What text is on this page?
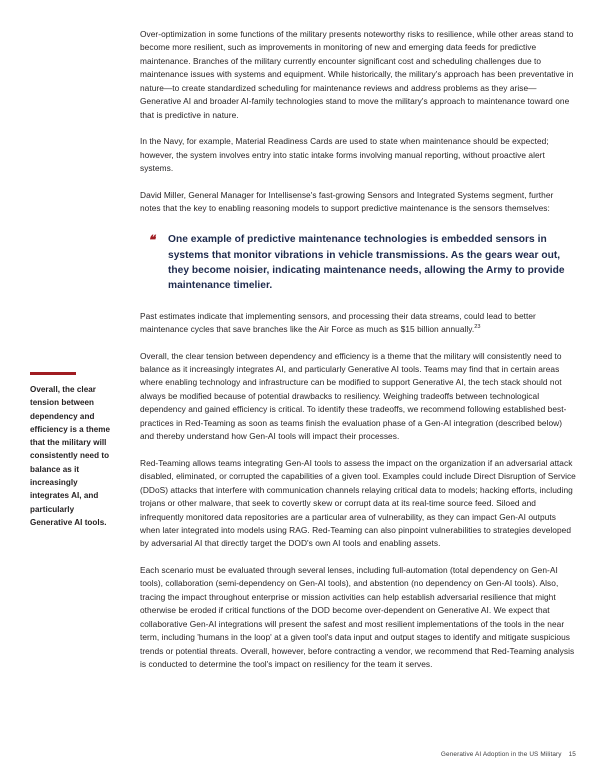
Over-optimization in some functions of the military presents noteworthy risks to resilience, while other areas stand to become more resilient, such as improvements in monitoring of new and emerging data feeds for predictive maintenance. Branches of the military currently encounter significant cost and scheduling challenges due to maintenance issues with systems and equipment. While historically, the military's approach has been preventative in nature—to create standardized scheduling for maintenance reviews and address problems as they arise—Generative AI and broader AI-family technologies stand to move the military's approach to maintenance toward one that is predictive in nature.

In the Navy, for example, Material Readiness Cards are used to state when maintenance should be expected; however, the system involves entry into static intake forms involving manual reporting, without proactive alert systems.

David Miller, General Manager for Intellisense's fast-growing Sensors and Integrated Systems segment, further notes that the key to enabling reasoning models to support predictive maintenance is the sensors themselves:

❝	One example of predictive maintenance technologies is embedded sensors in systems that monitor vibrations in vehicle transmissions. As the gears wear out, they become noisier, indicating maintenance needs, allowing the Army to provide maintenance timelier.

Past estimates indicate that implementing sensors, and processing their data streams, could lead to better maintenance cycles that save branches like the Air Force as much as $15 billion annually.$^{23}$

Overall, the clear tension between dependency and efficiency is a theme that the military will consistently need to balance as it increasingly integrates AI, and particularly Generative AI tools. Teams may find that in certain areas where enabling technology and infrastructure can be modified to support Generative AI, the tech stack should not always be modified because of potential drawbacks to resiliency. Weighing tradeoffs between technological dependency and gained efficiency is critical. To identify these tradeoffs, we recommend following established best-practices in Red-Teaming as soon as teams finish the evaluation phase of a Gen-AI integration (described below) and thereby understand how Gen-AI tools will impact their processes.

Red-Teaming allows teams integrating Gen-AI tools to assess the impact on the organization if an adversarial attack disabled, eliminated, or corrupted the capabilities of a given tool. Examples could include Direct Disruption of Service (DDoS) attacks that interfere with communication channels relaying critical data to models; hacking efforts, including trojans or other malware, that seek to covertly skew or corrupt data at its real-time source feed. Siloed and infrequently monitored data repositories are a particular area of vulnerability, as they can impact Gen-AI outputs when later integrated into models using RAG. Red-Teaming can also pinpoint vulnerabilities to strategies developed by adversarial AI that directly target the DOD's own AI tools and enabling assets.

Each scenario must be evaluated through several lenses, including full-automation (total dependency on Gen-AI tools), collaboration (semi-dependency on Gen-AI tools), and abstention (no dependency on Gen-AI tools). Also, tracing the impact throughout enterprise or mission activities can help establish adversarial resilience that might otherwise be eroded if critical functions of the DOD become over-dependent on Generative AI. We expect that collaborative Gen-AI integrations will present the safest and most resilient implementations of the tools in the near term, including 'humans in the loop' at a given tool's data input and output stages to identify and mitigate suspicious trends or potential threats. Overall, however, before contracting a vendor, we recommend that Red-Teaming analysis is conducted to determine the tool's impact on resiliency for the team it serves.

Overall, the clear tension between dependency and efficiency is a theme that the military will consistently need to balance as it increasingly integrates AI, and particularly Generative AI tools.
Generative AI Adoption in the US Military 15
